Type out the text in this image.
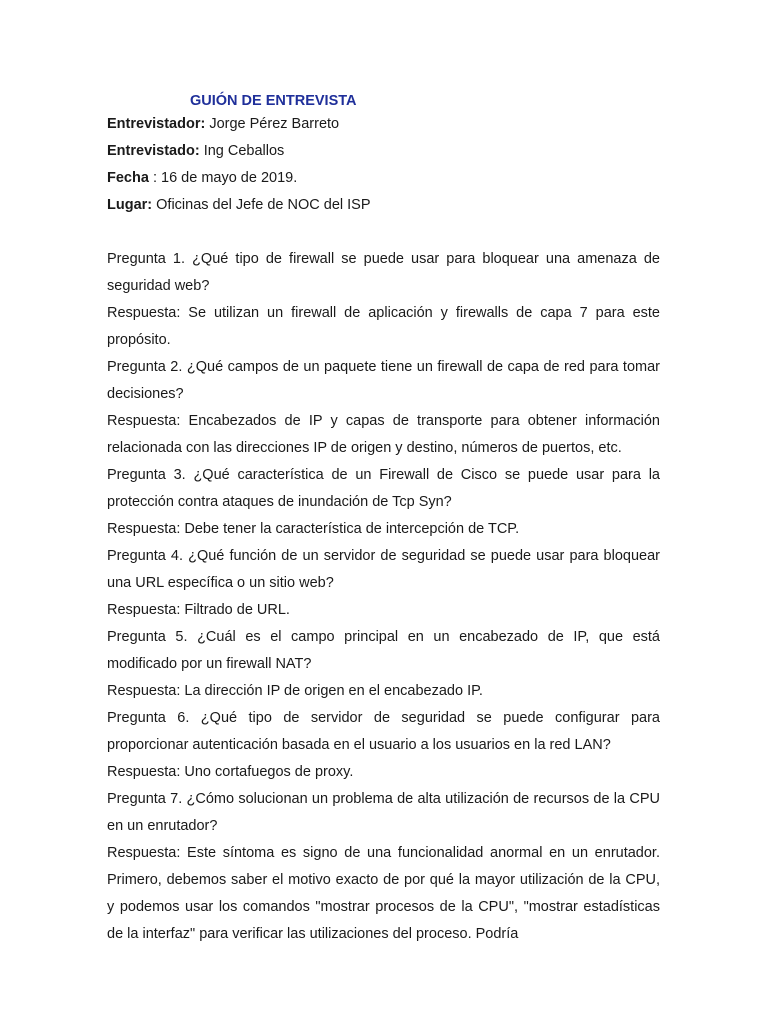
GUIÓN DE ENTREVISTA
Entrevistador: Jorge Pérez Barreto
Entrevistado: Ing Ceballos
Fecha : 16 de mayo de 2019.
Lugar: Oficinas del Jefe de NOC del ISP

Pregunta 1. ¿Qué tipo de firewall se puede usar para bloquear una amenaza de seguridad web?

Respuesta: Se utilizan un firewall de aplicación y firewalls de capa 7 para este propósito.

Pregunta 2. ¿Qué campos de un paquete tiene un firewall de capa de red para tomar decisiones?

Respuesta: Encabezados de IP y capas de transporte para obtener información relacionada con las direcciones IP de origen y destino, números de puertos, etc.

Pregunta 3. ¿Qué característica de un Firewall de Cisco se puede usar para la protección contra ataques de inundación de Tcp Syn?

Respuesta: Debe tener la característica de intercepción de TCP.

Pregunta 4. ¿Qué función de un servidor de seguridad se puede usar para bloquear una URL específica o un sitio web?

Respuesta: Filtrado de URL.

Pregunta 5. ¿Cuál es el campo principal en un encabezado de IP, que está modificado por un firewall NAT?

Respuesta: La dirección IP de origen en el encabezado IP.

Pregunta 6. ¿Qué tipo de servidor de seguridad se puede configurar para proporcionar autenticación basada en el usuario a los usuarios en la red LAN?

Respuesta: Uno cortafuegos de proxy.

Pregunta 7. ¿Cómo solucionan un problema de alta utilización de recursos de la CPU en un enrutador?

Respuesta: Este síntoma es signo de una funcionalidad anormal en un enrutador. Primero, debemos saber el motivo exacto de por qué la mayor utilización de la CPU, y podemos usar los comandos "mostrar procesos de la CPU", "mostrar estadísticas de la interfaz" para verificar las utilizaciones del proceso. Podría
